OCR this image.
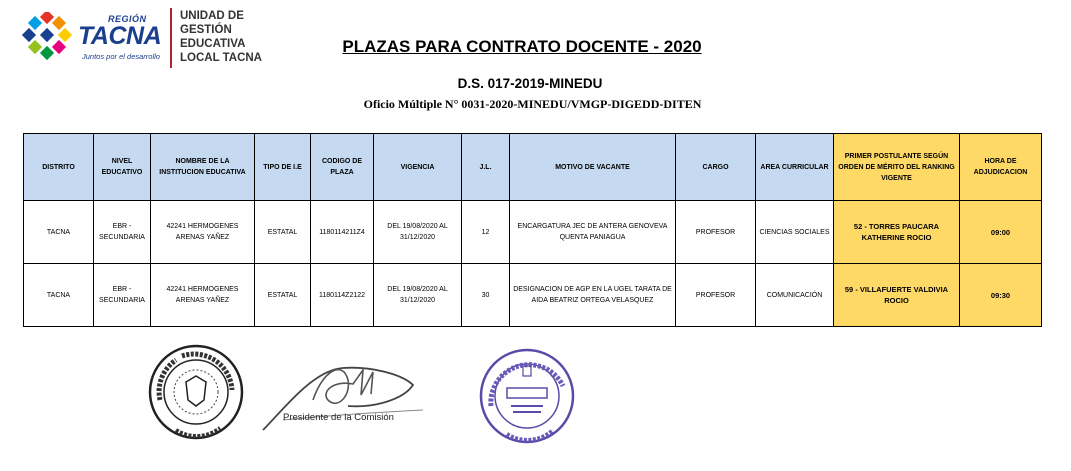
REGIÓN
TACNA
Juntos por el desarrollo
UNIDAD DE
GESTIÓN
EDUCATIVA
LOCAL TACNA
PLAZAS PARA CONTRATO DOCENTE - 2020
D.S. 017-2019-MINEDU
Oficio Múltiple N° 0031-2020-MINEDU/VMGP-DIGEDD-DITEN
DISTRITO	NIVEL EDUCATIVO	NOMBRE DE LA INSTITUCION EDUCATIVA	TIPO DE I.E	CODIGO DE PLAZA	VIGENCIA	J.L.	MOTIVO DE VACANTE	CARGO	AREA CURRICULAR	PRIMER POSTULANTE SEGÚN ORDEN DE MÉRITO DEL RANKING VIGENTE	HORA DE ADJUDICACION
TACNA	EBR - SECUNDARIA	42241 HERMOGENES ARENAS YAÑEZ	ESTATAL	1180114211Z4	DEL 19/08/2020 AL 31/12/2020	12	ENCARGATURA JEC DE ANTERA GENOVEVA QUENTA PANIAGUA	PROFESOR	CIENCIAS SOCIALES	52 - TORRES PAUCARA KATHERINE ROCIO	09:00
TACNA	EBR - SECUNDARIA	42241 HERMOGENES ARENAS YAÑEZ	ESTATAL	1180114Z2122	DEL 19/08/2020 AL 31/12/2020	30	DESIGNACION DE AGP EN LA UGEL TARATA DE AIDA BEATRIZ ORTEGA VELASQUEZ	PROFESOR	COMUNICACIÓN	59 - VILLAFUERTE VALDIVIA ROCIO	09:30
Presidente de la Comisión
